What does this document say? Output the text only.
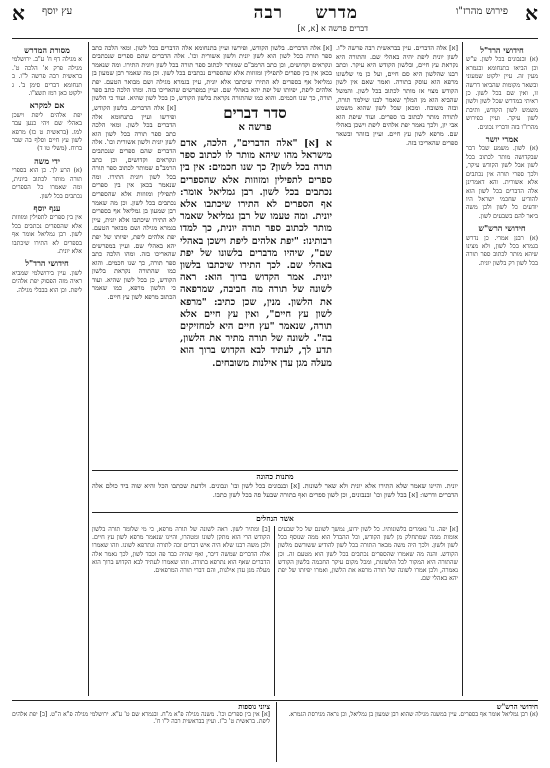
א
פירוש מהרז"ו
מדרש
דברים פרשה א [א, א]
רבה
עץ יוסף
א
חידושי הרד"ל

(א) ובנבונים בכל לשון. ע"ש וכן הביאו בתנחומא ובגמרא מעין זה. עיין ילקוט שמעוני ובשאר מקומות שהביאו דרשה זו, ואין שם בכל לשון. כן ראיתי במדרש שכל לשון ולשון משמש לשון הקודש, ותיבת לשון עיקר. ועיין בפירוש מהרז"ו בזה ודבריו נכונים.

אמרי יושר

(א) לשון. משמע שכל דבר שבקדושה מותר לכתוב בכל לשון אבל לשון הקודש עיקר, ולכך ספרי תורה אין נכתבים אלא אשורית. והא דאמרינן אלה הדברים בכל לשון הוא להודיע שחכמי ישראל היו יודעים כל לשון ולכן משה ביאר להם בשבעים לשון.

חידושי הרש"ש

(א) רבנן אמרי. כן נדרש בגמרא בכל לשון, ולא מצינו שיהא מותר לכתוב ספר תורה בכל לשון רק בלשון יונית.

מסורת המדרש

א מגילה דף ח' ע"ב. ירושלמי מגילה פרק א' הלכה ט'. בראשית רבה פרשה ל"ו. ב תנחומא דברים סימן ב'. ג ילקוט כאן רמז תשצ"ו.

אם למקרא

יפת אלהים ליפת וישכן באהלי שם ויהי כנען עבד למו. (בראשית ט כז) מרפא לשון עץ חיים וסלף בה שבר ברוח. (משלי טו ד)

ידי משה

(א) הרע לך. כן הוא בספרי תורה מותר לכתוב ביונית, ומה שאמרו כל הספרים נכתבים בכל לשון.

ענף יוסף

אין בין ספרים לתפילין ומזוזות אלא שהספרים נכתבים בכל לשון. רבן גמליאל אומר אף בספרים לא התירו שיכתבו אלא יונית.

חידושי הרד"ל

לשון. עיין בירושלמי שמביא ראיה מזה הפסוק יפת אלהים ליפת. וכן הוא בבבלי מגילה.

[א] אלה הדברים. עיין בבראשית רבה פרשה ל"ו. לשון יונית ליפת יהיה באהלי שם. והתורה היא נקראת עץ חיים, ובלשון הקודש היא עיקר. וכתב רבנו שהלשון היא סם חיים, ועל כן מי שלשונו מרפא הוא עוסק בתורה. ואמר שאם אין לשון הקודש מצוי אז מותר לכתוב בכל לשון. והמשל שהביא הוא מן המלך שאמר לבנו שילמד תורה, ובזה משובח. ומכאן שכל לשון שהוא משמש לתורה מותר לכתוב בו ספרים. ועוד שיפת הוא אבי יון, ולכך נאמר יפת אלהים ליפת וישכן באהלי שם. מרפא לשון עץ חיים. ועיין בזוהר ובשאר ספרים שהאריכו בזה.

[א] אלה הדברים. בלשון הקודש, ופירשו ועיין בתנחומא אלה הדברים בכל לשון. ומאי הלכה כתב ספר תורה בכל לשון הוא לשון יונית ולשון אשורית וכו'. אלה הדברים שהם ספרים שנכתבים ונקראים וקדושים, וכן כתב הרמב"ם שמותר לכתוב ספר תורה בכל לשון ויונית התירו. ומה שנאמר בכאן אין בין ספרים לתפילין ומזוזות אלא שהספרים נכתבים בכל לשון. וכן מה שאמר רבן שמעון בן גמליאל אף בספרים לא התירו שיכתבו אלא יונית, עיין בגמרא מגילה ושם מבואר הטעם. יפת אלהים ליפת, יפיותו של יפת יהא באהלי שם. ועיין במפרשים שהאריכו בזה. ומהו הלכה כתב ספר תורה, כך שנו חכמים. והוא כמו שהתורה נקראת בלשון הקודש, כן בכל לשון שהיא. ועוד כי הלשון

סדר דברים
פרשה א
א [א] "אלה הדברים", הלכה, אדם מישראל מהו שיהא מותר לו לכתוב ספר תורה בכל לשון? כך שנו חכמים: אין בין ספרים לתפילין ומזוזות אלא שהספרים נכתבים בכל לשון. רבן גמליאל אומר: אף הספרים לא התירו שיכתבו אלא יונית. ומה טעמו של רבן גמליאל שאמר מותר לכתוב ספר תורה יונית, כך למדו רבותינו: "יפת אלהים ליפת וישכן באהלי שם", שיהיו מדברים בלשונו של יפת באהלי שם. לכך התירו שיכתבו בלשון יונית. אמר הקדוש ברוך הוא: ראה לשונה של תורה מה חביבה, שמרפאה את הלשון. מנין, שכן כתיב: "מרפא לשון עץ חיים", ואין עץ חיים אלא תורה, שנאמר "עץ חיים היא למחזיקים בה". לשונה של תורה מתיר את הלשון, תדע לך, לעתיד לבא הקדוש ברוך הוא מעלה מגן עדן אילנות משובחים.

[א] אלה הדברים. בלשון הקודש, ופירשו ועיין בתנחומא אלה הדברים בכל לשון. ומאי הלכה כתב ספר תורה בכל לשון הוא לשון יונית ולשון אשורית וכו'. אלה הדברים שהם ספרים שנכתבים ונקראים וקדושים, וכן כתב הרמב"ם שמותר לכתוב ספר תורה בכל לשון ויונית התירו. ומה שנאמר בכאן אין בין ספרים לתפילין ומזוזות אלא שהספרים נכתבים בכל לשון. וכן מה שאמר רבן שמעון בן גמליאל אף בספרים לא התירו שיכתבו אלא יונית, עיין בגמרא מגילה ושם מבואר הטעם. יפת אלהים ליפת, יפיותו של יפת יהא באהלי שם. ועיין במפרשים שהאריכו בזה. ומהו הלכה כתב ספר תורה, כך שנו חכמים. והוא כמו שהתורה נקראת בלשון הקודש, כן בכל לשון שהיא. ועוד כי הלשון מרפא, כמו שאמר הכתוב מרפא לשון עץ חיים.

מתנות כהונה

יונית. והיינו שאמר שלא התירו אלא יונית ולא שאר לשונות. [א] ובנבונים בכל לשון ובו' ונבונים. ולדעת שכתבו הכל והיא שוה ביד כולם אלה הדברים ודרשו: [א] בכל לשון וכו' ובנבונים, וכן לשון ספרים ואף בתורה שבעל פה בכל לשון כתבו.

אשד הנחלים
[א] יפה. גו' נאמרים בלשונותיו. כל לשון ידוע, נמשך לשונם של כל שבעים אומות ממה שמתחלק מן לשון הקודש, וכל ההבדל הוא ממה שנוסף בכל לשון ולשון. ולכך היה משה מבאר התורה בכל לשון להודיע ששורשם מלשון הקודש. והנה מה שאמרו שהספרים נכתבים בכל לשון הוא מטעם זה. וכן שהתורה היא המקור לכל הלשונות, ומכל מקום עיקר החכמה בלשון הקודש נאמרה, ולכן אמרו לשונה של תורה מרפא את הלשון, ואמרו יפיותו של יפת יהא באהלי שם.
[ב] ומתיר לשון. ראה לשונה של תורה מרפא, כי מי שלומד תורה בלשון הקודש הרי הוא מתקן לשונו ומטהרו, והיינו שנאמר מרפא לשון עץ חיים. ולכן משה רבנו שלא היה איש דברים זכה לתורה ונתרפא לשונו. וזהו שאמרו אלה הדברים שמשה דיבר, ואף שהיה כבד פה וכבד לשון, לכך נאמר אלה הדברים שאף הוא נתרפא בתורה. וזהו שאמרו לעתיד לבא הקדוש ברוך הוא מעלה מגן עדן אילנות, והם דברי תורה המרפאים.
חידושי הרש"ש
(א) רבן גמליאל אומר אף בספרים. עיין במשנה מגילה שהוא רבן שמעון בן גמליאל, וכן נראה מגירסת הגמרא.
ציוני נוספות
[א] אין בין ספרים וכו'. משנה מגילה פ"א מ"ח. ובגמרא שם ט' ע"א. ירושלמי מגילה פ"א ה"ט. [ב] יפת אלהים ליפת. בראשית ט' כ"ז. ועיין בבראשית רבה ל"ו ח'.
